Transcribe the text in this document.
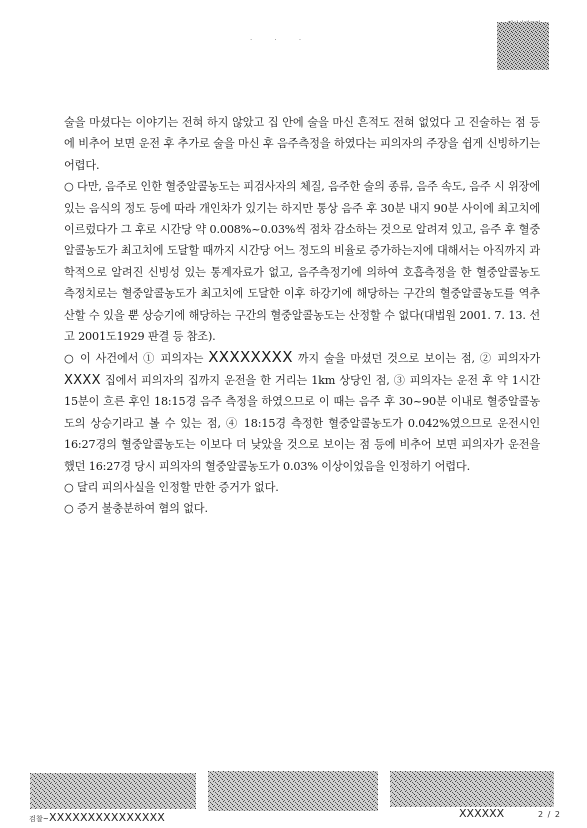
· · ·

술을 마셨다는 이야기는 전혀 하지 않았고 집 안에 술을 마신 흔적도 전혀 없었다 고 진술하는 점 등에 비추어 보면 운전 후 추가로 술을 마신 후 음주측정을 하였다는 피의자의 주장을 쉽게 신빙하기는 어렵다.

○ 다만, 음주로 인한 혈중알콜농도는 피검사자의 체질, 음주한 술의 종류, 음주 속도, 음주 시 위장에 있는 음식의 정도 등에 따라 개인차가 있기는 하지만 통상 음주 후 30분 내지 90분 사이에 최고치에 이르렀다가 그 후로 시간당 약 0.008%~0.03%씩 점차 감소하는 것으로 알려져 있고, 음주 후 혈중알콜농도가 최고치에 도달할 때까지 시간당 어느 정도의 비율로 증가하는지에 대해서는 아직까지 과학적으로 알려진 신빙성 있는 통계자료가 없고, 음주측정기에 의하여 호흡측정을 한 혈중알콜농도 측정치로는 혈중알콜농도가 최고치에 도달한 이후 하강기에 해당하는 구간의 혈중알콜농도를 역추산할 수 있을 뿐 상승기에 해당하는 구간의 혈중알콜농도는 산정할 수 없다(대법원 2001. 7. 13. 선고 2001도1929 판결 등 참조).

○ 이 사건에서 ① 피의자는 XXXXXXXX 까지 술을 마셨던 것으로 보이는 점, ② 피의자가 XXXX 집에서 피의자의 집까지 운전을 한 거리는 1km 상당인 점, ③ 피의자는 운전 후 약 1시간 15분이 흐른 후인 18:15경 음주 측정을 하였으므로 이 때는 음주 후 30~90분 이내로 혈중알콜농도의 상승기라고 볼 수 있는 점, ④ 18:15경 측정한 혈중알콜농도가 0.042%였으므로 운전시인 16:27경의 혈중알콜농도는 이보다 더 낮았을 것으로 보이는 점 등에 비추어 보면 피의자가 운전을 했던 16:27경 당시 피의자의 혈중알콜농도가 0.03% 이상이었음을 인정하기 어렵다.

○ 달리 피의사실을 인정할 만한 증거가 없다.

○ 증거 불충분하여 혐의 없다.

검찰~XXXXXXXXXXXXXXX	XXXXXX	2 / 2
